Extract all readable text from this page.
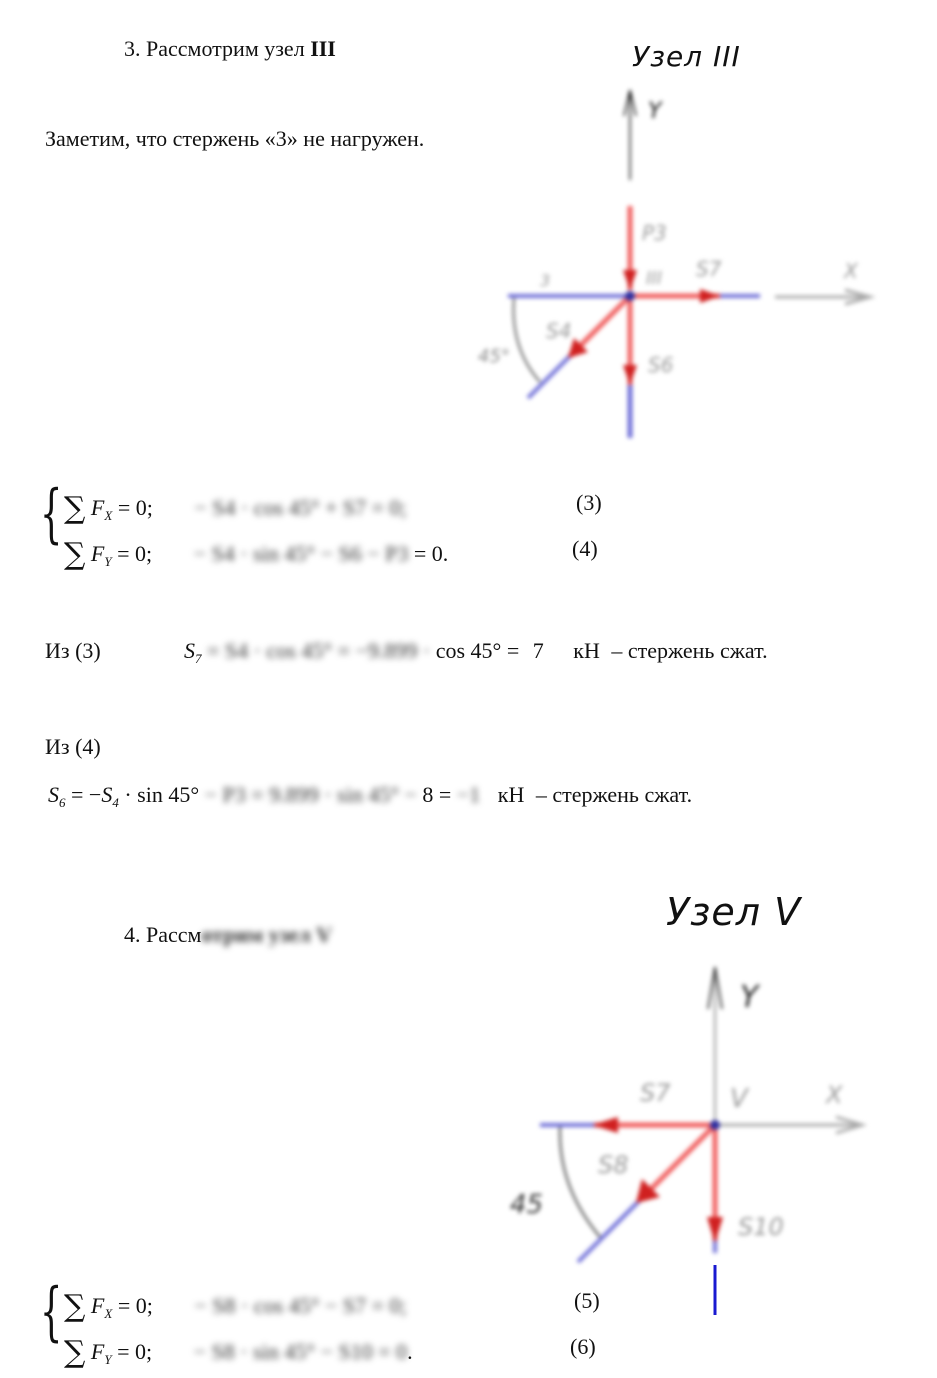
3. Рассмотрим узел III
Заметим, что стержень «3» не нагружен.
Узел III
Y
X
45°
P3
S7
S4
S6
III
3
{ ∑ $F_X = 0$; − S4 · cos 45° + S7 = 0;	(3)
∑ $F_Y = 0$; − S4 · sin 45° − S6 − P3 = 0.	(4)
Из (3)	$S_7 = S4 \cdot \cos 45^\circ = -9.899 \cdot \cos 45^\circ = 7$ кН – стержень сжат.
Из (4)
$S_6 = -S_4 \cdot \sin 45^\circ - P3 = 9.899 \cdot \sin 45^\circ - 8 = -1$ кН – стержень сжат.
4. Рассмотрим узел V
Узел V
Y
X
45
S7
S8
S10
V
{ ∑ $F_X = 0$; − S8 · cos 45° − S7 = 0;	(5)
∑ $F_Y = 0$; − S8 · sin 45° − S10 = 0.	(6)
